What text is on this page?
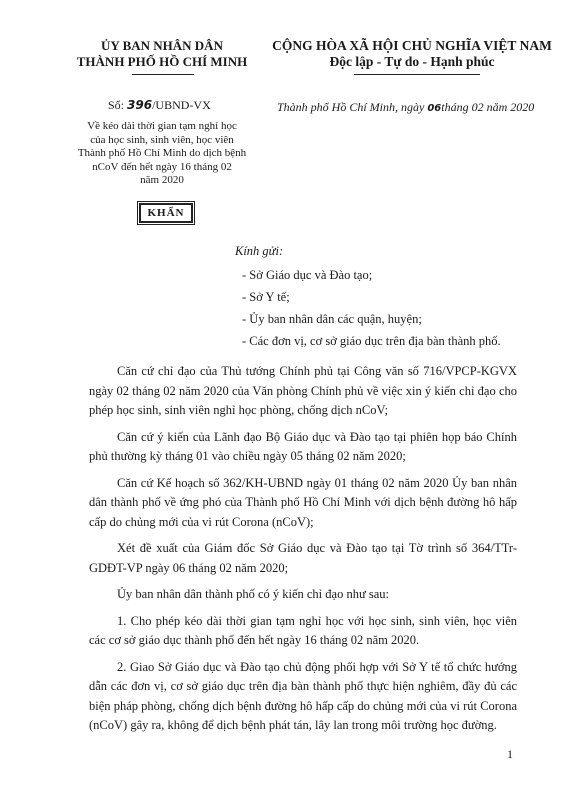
ỦY BAN NHÂN DÂN
THÀNH PHỐ HỒ CHÍ MINH
CỘNG HÒA XÃ HỘI CHỦ NGHĨA VIỆT NAM
Độc lập - Tự do - Hạnh phúc
Số: 396/UBND-VX	Thành phố Hồ Chí Minh, ngày 06tháng 02 năm 2020
Về kéo dài thời gian tạm nghỉ học
của học sinh, sinh viên, học viên
Thành phố Hồ Chí Minh do dịch bệnh
nCoV đến hết ngày 16 tháng 02
năm 2020
KHẨN
Kính gửi:
- Sở Giáo dục và Đào tạo;
- Sở Y tế;
- Ủy ban nhân dân các quận, huyện;
- Các đơn vị, cơ sở giáo dục trên địa bàn thành phố.

Căn cứ chỉ đạo của Thủ tướng Chính phủ tại Công văn số 716/VPCP-KGVX ngày 02 tháng 02 năm 2020 của Văn phòng Chính phủ về việc xin ý kiến chỉ đạo cho phép học sinh, sinh viên nghỉ học phòng, chống dịch nCoV;

Căn cứ ý kiến của Lãnh đạo Bộ Giáo dục và Đào tạo tại phiên họp báo Chính phủ thường kỳ tháng 01 vào chiều ngày 05 tháng 02 năm 2020;

Căn cứ Kế hoạch số 362/KH-UBND ngày 01 tháng 02 năm 2020 Ủy ban nhân dân thành phố về ứng phó của Thành phố Hồ Chí Minh với dịch bệnh đường hô hấp cấp do chủng mới của vi rút Corona (nCoV);

Xét đề xuất của Giám đốc Sở Giáo dục và Đào tạo tại Tờ trình số 364/TTr-GDĐT-VP ngày 06 tháng 02 năm 2020;

Ủy ban nhân dân thành phố có ý kiến chỉ đạo như sau:

1. Cho phép kéo dài thời gian tạm nghỉ học với học sinh, sinh viên, học viên các cơ sở giáo dục thành phố đến hết ngày 16 tháng 02 năm 2020.

2. Giao Sở Giáo dục và Đào tạo chủ động phối hợp với Sở Y tế tổ chức hướng dẫn các đơn vị, cơ sở giáo dục trên địa bàn thành phố thực hiện nghiêm, đầy đủ các biện pháp phòng, chống dịch bệnh đường hô hấp cấp do chủng mới của vi rút Corona (nCoV) gây ra, không để dịch bệnh phát tán, lây lan trong môi trường học đường.

1
